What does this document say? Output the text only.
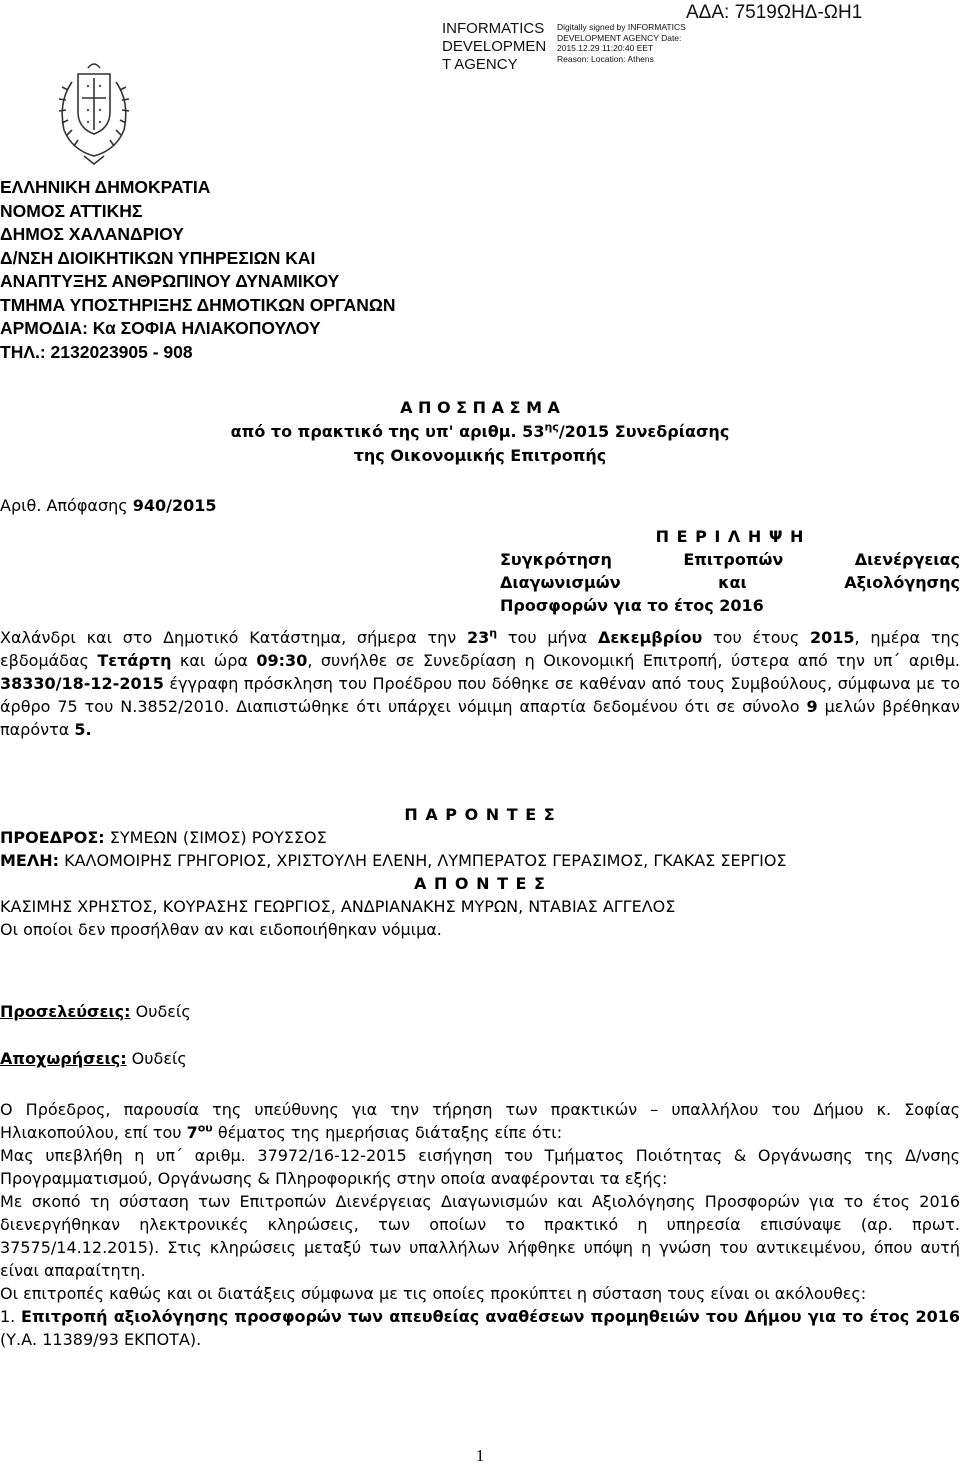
INFORMATICS DEVELOPMEN T AGENCY
Digitally signed by INFORMATICS DEVELOPMENT AGENCY Date: 2015.12.29 11:20:40 EET Reason: Location: Athens
ΑΔΑ: 7519ΩΗΔ-ΩΗ1
ΕΛΛΗΝΙΚΗ ΔΗΜΟΚΡΑΤΙΑ
ΝΟΜΟΣ ΑΤΤΙΚΗΣ
ΔΗΜΟΣ ΧΑΛΑΝΔΡΙΟΥ
Δ/ΝΣΗ ΔΙΟΙΚΗΤΙΚΩΝ ΥΠΗΡΕΣΙΩΝ ΚΑΙ
ΑΝΑΠΤΥΞΗΣ ΑΝΘΡΩΠΙΝΟΥ ΔΥΝΑΜΙΚΟΥ
ΤΜΗΜΑ ΥΠΟΣΤΗΡΙΞΗΣ ΔΗΜΟΤΙΚΩΝ ΟΡΓΑΝΩΝ
ΑΡΜΟΔΙΑ: Κα ΣΟΦΙΑ ΗΛΙΑΚΟΠΟΥΛΟΥ
ΤΗΛ.: 2132023905 - 908
Α Π Ο Σ Π Α Σ Μ Α
από το πρακτικό της υπ' αριθμ. $53^{\eta\varsigma}/2015$ Συνεδρίασης
της Οικονομικής Επιτροπής
Αριθ. Απόφασης 940/2015
Π Ε Ρ Ι Λ Η Ψ Η
Συγκρότηση Επιτροπών Διενέργειας
Διαγωνισμών και Αξιολόγησης
Προσφορών για το έτος 2016

Χαλάνδρι και στο Δημοτικό Κατάστημα, σήμερα την $23^\eta$ του μήνα Δεκεμβρίου του έτους 2015, ημέρα της εβδομάδας Τετάρτη και ώρα 09:30, συνήλθε σε Συνεδρίαση η Οικονομική Επιτροπή, ύστερα από την υπ΄ αριθμ. 38330/18-12-2015 έγγραφη πρόσκληση του Προέδρου που δόθηκε σε καθέναν από τους Συμβούλους, σύμφωνα με το άρθρο 75 του Ν.3852/2010. Διαπιστώθηκε ότι υπάρχει νόμιμη απαρτία δεδομένου ότι σε σύνολο 9 μελών βρέθηκαν παρόντα 5.

Π Α Ρ Ο Ν Τ Ε Σ

ΠΡΟΕΔΡΟΣ: ΣΥΜΕΩΝ (ΣΙΜΟΣ) ΡΟΥΣΣΟΣ

ΜΕΛΗ: ΚΑΛΟΜΟΙΡΗΣ ΓΡΗΓΟΡΙΟΣ, ΧΡΙΣΤΟΥΛΗ ΕΛΕΝΗ, ΛΥΜΠΕΡΑΤΟΣ ΓΕΡΑΣΙΜΟΣ, ΓΚΑΚΑΣ ΣΕΡΓΙΟΣ

Α Π Ο Ν Τ Ε Σ

ΚΑΣΙΜΗΣ ΧΡΗΣΤΟΣ, ΚΟΥΡΑΣΗΣ ΓΕΩΡΓΙΟΣ, ΑΝΔΡΙΑΝΑΚΗΣ ΜΥΡΩΝ, ΝΤΑΒΙΑΣ ΑΓΓΕΛΟΣ

Οι οποίοι δεν προσήλθαν αν και ειδοποιήθηκαν νόμιμα.

Προσελεύσεις: Ουδείς

Αποχωρήσεις: Ουδείς

Ο Πρόεδρος, παρουσία της υπεύθυνης για την τήρηση των πρακτικών – υπαλλήλου του Δήμου κ. Σοφίας Ηλιακοπούλου, επί του $7^{o\upsilon}$ θέματος της ημερήσιας διάταξης είπε ότι:

Μας υπεβλήθη η υπ΄ αριθμ. 37972/16-12-2015 εισήγηση του Τμήματος Ποιότητας & Οργάνωσης της Δ/νσης Προγραμματισμού, Οργάνωσης & Πληροφορικής στην οποία αναφέρονται τα εξής:

Με σκοπό τη σύσταση των Επιτροπών Διενέργειας Διαγωνισμών και Αξιολόγησης Προσφορών για το έτος 2016 διενεργήθηκαν ηλεκτρονικές κληρώσεις, των οποίων το πρακτικό η υπηρεσία επισύναψε (αρ. πρωτ. 37575/14.12.2015). Στις κληρώσεις μεταξύ των υπαλλήλων λήφθηκε υπόψη η γνώση του αντικειμένου, όπου αυτή είναι απαραίτητη.

Οι επιτροπές καθώς και οι διατάξεις σύμφωνα με τις οποίες προκύπτει η σύσταση τους είναι οι ακόλουθες:

1. Επιτροπή αξιολόγησης προσφορών των απευθείας αναθέσεων προμηθειών του Δήμου για το έτος 2016 (Υ.Α. 11389/93 ΕΚΠΟΤΑ).

1
